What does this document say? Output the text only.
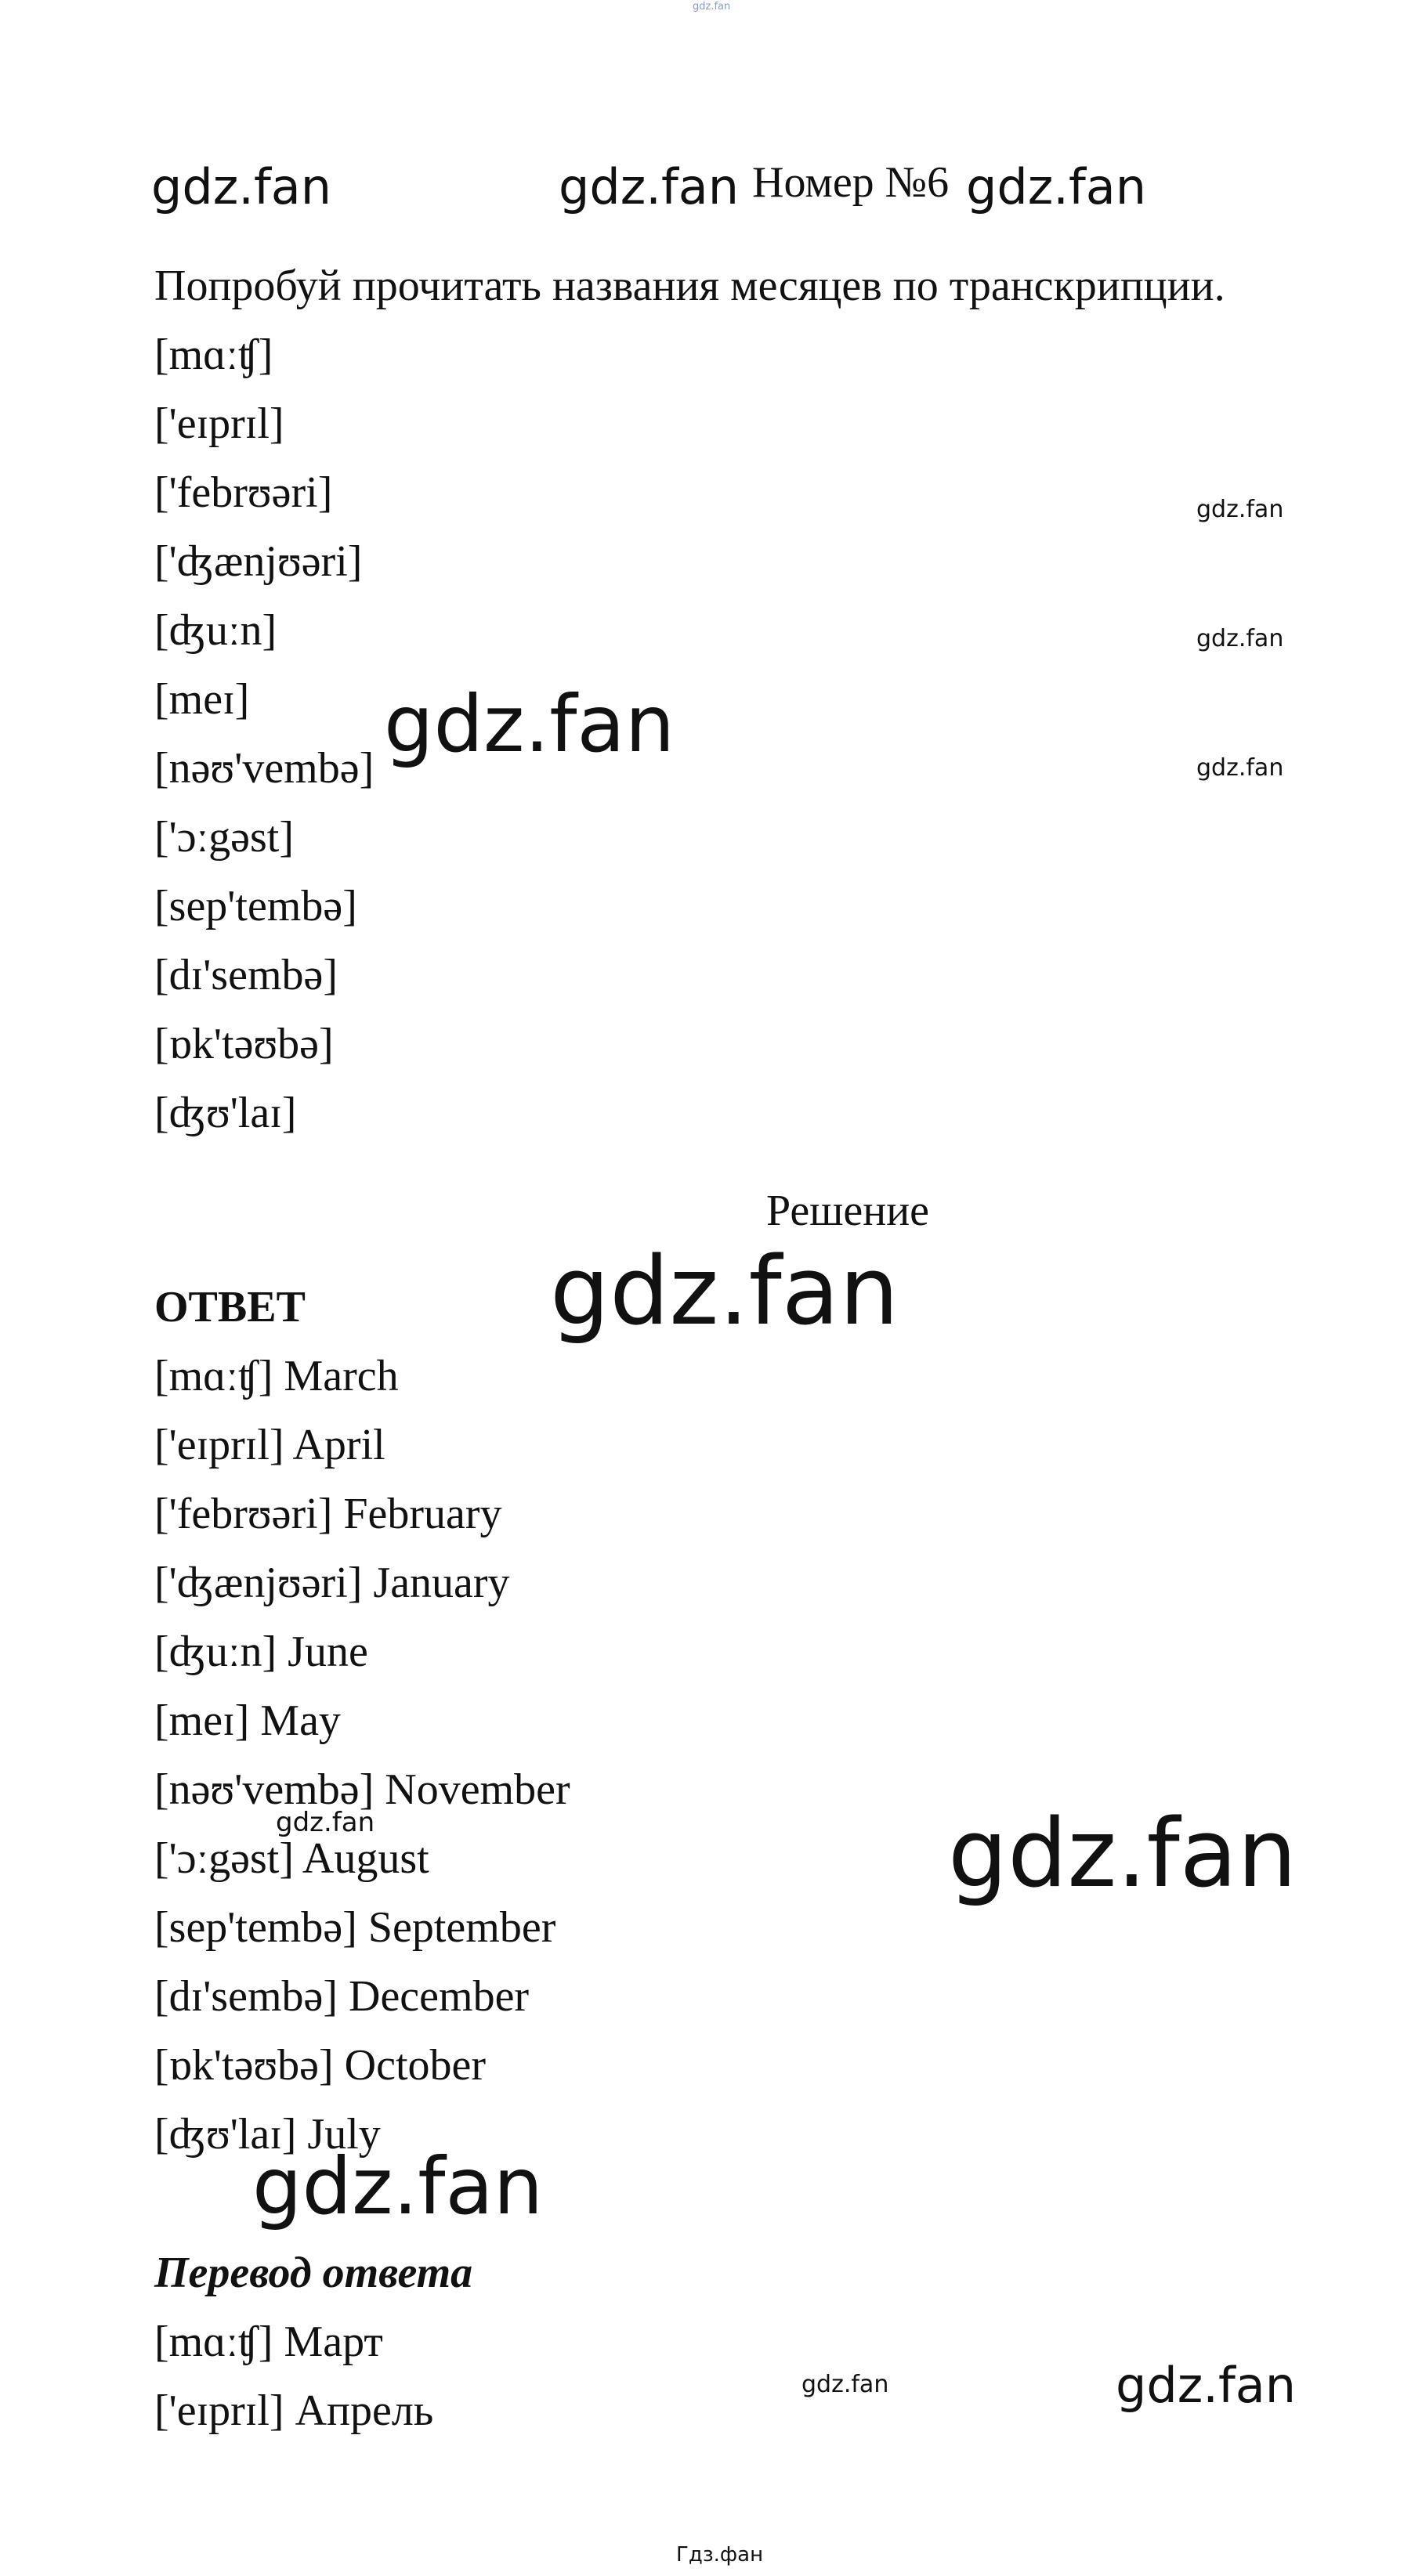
gdz.fan
gdz.fan	gdz.fan Номер №6 gdz.fan
Попробуй прочитать названия месяцев по транскрипции.
[mɑːʧ]
['eɪprɪl]
['febrʊəri]
['ʤænjʊəri]
[ʤuːn]
[meɪ]
[nəʊ'vembə]
['ɔːgəst]
[sep'tembə]
[dɪ'sembə]
[ɒk'təʊbə]
[ʤʊ'laɪ]
gdz.fan
gdz.fan
gdz.fan
gdz.fan
Решение
gdz.fan
ОТВЕТ
[mɑːʧ] March
['eɪprɪl] April
['febrʊəri] February
['ʤænjʊəri] January
[ʤuːn] June
[meɪ] May
[nəʊ'vembə] November
['ɔːgəst] August
[sep'tembə] September
[dɪ'sembə] December
[ɒk'təʊbə] October
[ʤʊ'laɪ] July
gdz.fan	gdz.fan
gdz.fan
Перевод ответа
[mɑːʧ] Март
['eɪprɪl] Апрель
gdz.fan	gdz.fan
Гдз.фан
